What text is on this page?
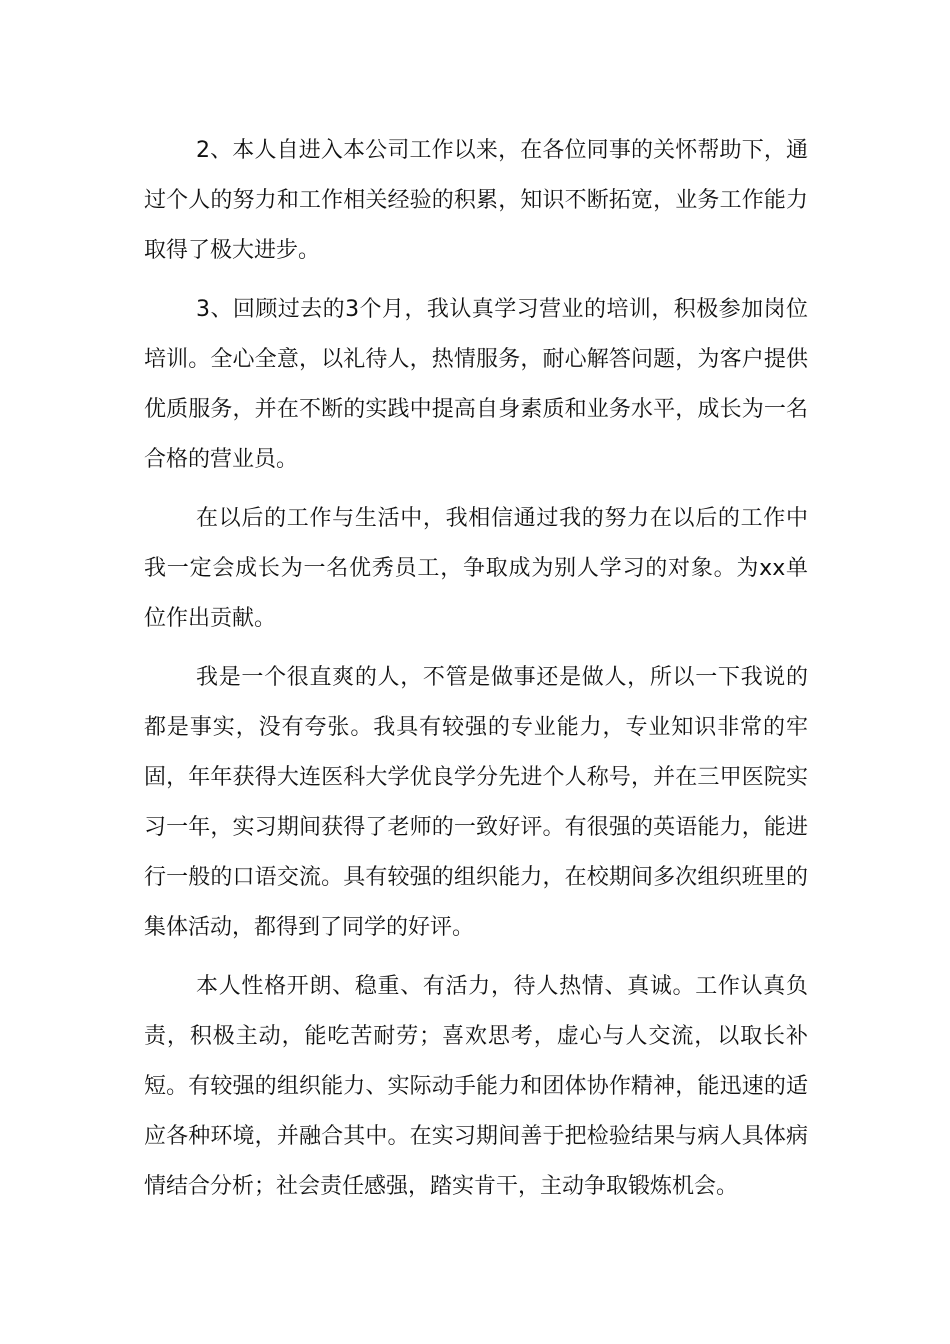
2、本人自进入本公司工作以来，在各位同事的关怀帮助下，通过个人的努力和工作相关经验的积累，知识不断拓宽，业务工作能力取得了极大进步。

3、回顾过去的3个月，我认真学习营业的培训，积极参加岗位培训。全心全意，以礼待人，热情服务，耐心解答问题，为客户提供优质服务，并在不断的实践中提高自身素质和业务水平，成长为一名合格的营业员。

在以后的工作与生活中，我相信通过我的努力在以后的工作中我一定会成长为一名优秀员工，争取成为别人学习的对象。为xx单位作出贡献。

我是一个很直爽的人，不管是做事还是做人，所以一下我说的都是事实，没有夸张。我具有较强的专业能力，专业知识非常的牢固，年年获得大连医科大学优良学分先进个人称号，并在三甲医院实习一年，实习期间获得了老师的一致好评。有很强的英语能力，能进行一般的口语交流。具有较强的组织能力，在校期间多次组织班里的集体活动，都得到了同学的好评。

本人性格开朗、稳重、有活力，待人热情、真诚。工作认真负责，积极主动，能吃苦耐劳；喜欢思考，虚心与人交流，以取长补短。有较强的组织能力、实际动手能力和团体协作精神，能迅速的适应各种环境，并融合其中。在实习期间善于把检验结果与病人具体病情结合分析；社会责任感强，踏实肯干，主动争取锻炼机会。
